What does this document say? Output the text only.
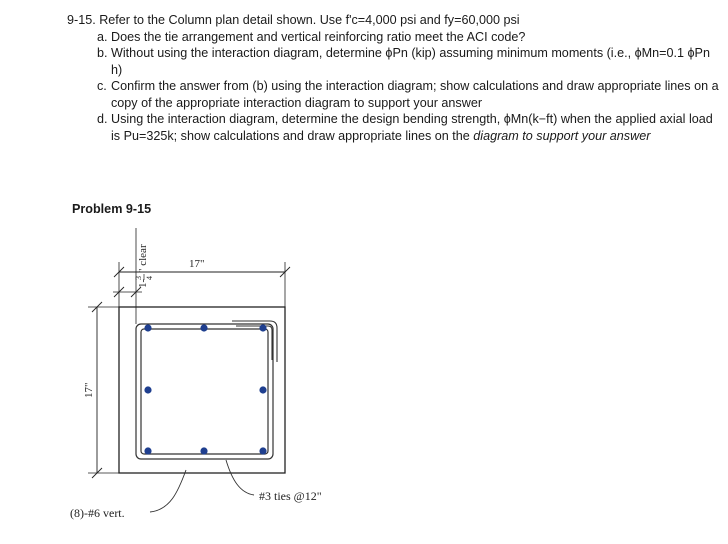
9-15. Refer to the Column plan detail shown. Use f'c=4,000 psi and fy=60,000 psi

a. Does the tie arrangement and vertical reinforcing ratio meet the ACI code?
b. Without using the interaction diagram, determine ϕPn (kip) assuming minimum moments (i.e., ϕMn=0.1 ϕPn h)
c. Confirm the answer from (b) using the interaction diagram; show calculations and draw appropriate lines on a copy of the appropriate interaction diagram to support your answer
d. Using the interaction diagram, determine the design bending strength, ϕMn(k−ft) when the applied axial load is Pu=325k; show calculations and draw appropriate lines on the diagram to support your answer
Problem 9-15
17"
1-
3 4
" clear
17"
(8)-#6 vert.
#3 ties @12"
